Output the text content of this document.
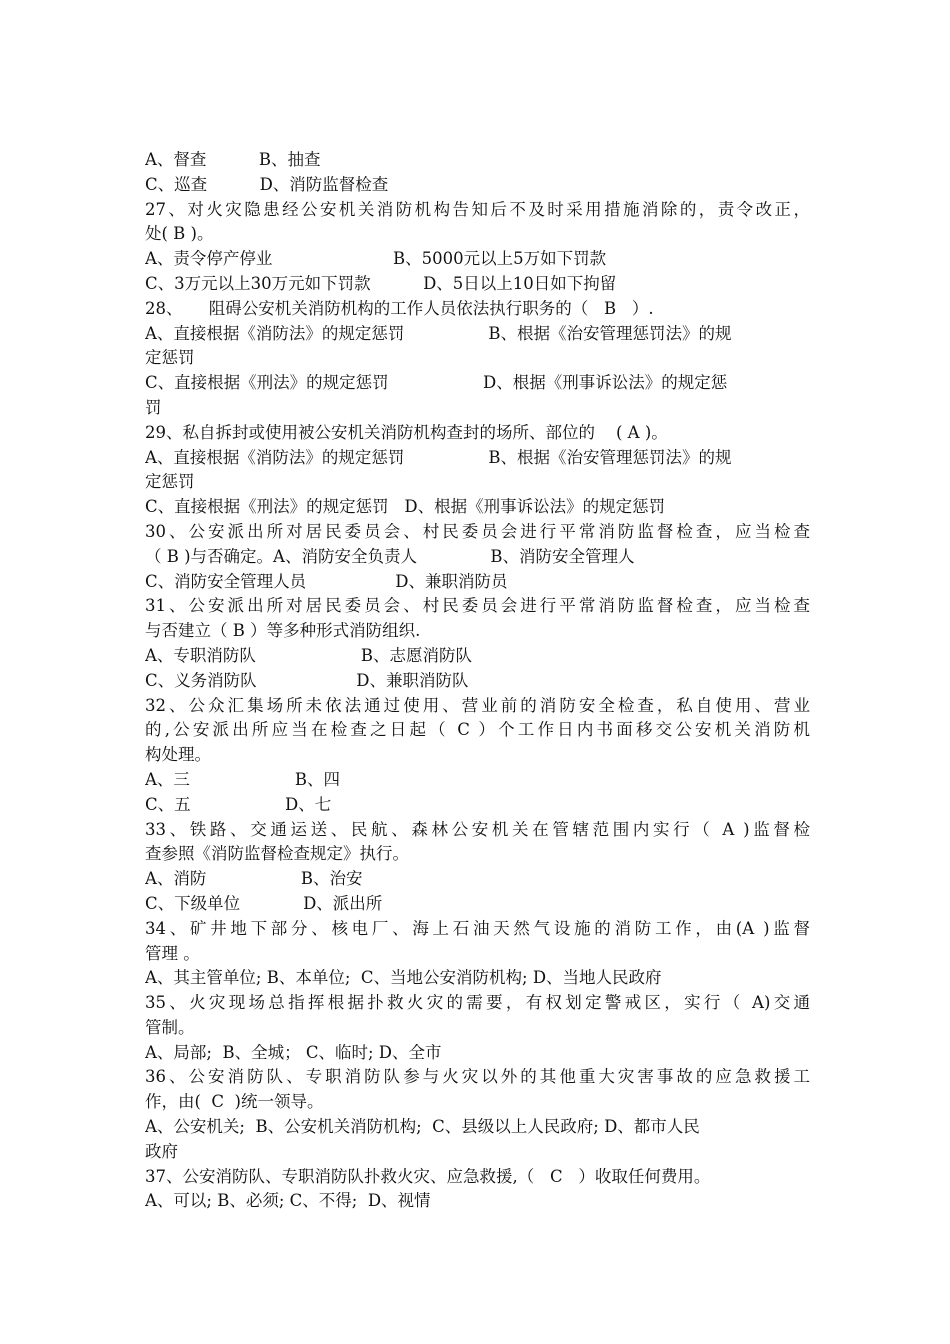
A、督查          B、抽查
C、巡查          D、消防监督检查
27、对火灾隐患经公安机关消防机构告知后不及时采用措施消除的，责令改正，
处( B )。
A、责令停产停业                       B、5000元以上5万如下罚款
C、3万元以上30万元如下罚款          D、5日以上10日如下拘留
28、     阻碍公安机关消防机构的工作人员依法执行职务的（   B   ）.
A、直接根据《消防法》的规定惩罚                B、根据《治安管理惩罚法》的规
定惩罚
C、直接根据《刑法》的规定惩罚                  D、根据《刑事诉讼法》的规定惩
罚
29、私自拆封或使用被公安机关消防机构查封的场所、部位的    ( A )。
A、直接根据《消防法》的规定惩罚                B、根据《治安管理惩罚法》的规
定惩罚
C、直接根据《刑法》的规定惩罚   D、根据《刑事诉讼法》的规定惩罚
30、公安派出所对居民委员会、村民委员会进行平常消防监督检查，应当检查
（ B )与否确定。A、消防安全负责人              B、消防安全管理人
C、消防安全管理人员                 D、兼职消防员
31、公安派出所对居民委员会、村民委员会进行平常消防监督检查，应当检查
与否建立（ B ）等多种形式消防组织.
A、专职消防队                    B、志愿消防队
C、义务消防队                   D、兼职消防队
32、公众汇集场所未依法通过使用、营业前的消防安全检查，私自使用、营业
的,公安派出所应当在检查之日起（ C ）个工作日内书面移交公安机关消防机
构处理。
A、三                    B、四
C、五                  D、七
33、铁路、交通运送、民航、森林公安机关在管辖范围内实行（ A )监督检
查参照《消防监督检查规定》执行。
A、消防                  B、治安
C、下级单位            D、派出所
34、矿井地下部分、核电厂、海上石油天然气设施的消防工作，由(A )监督
管理 。
A、其主管单位; B、本单位;  C、当地公安消防机构; D、当地人民政府
35、火灾现场总指挥根据扑救火灾的需要，有权划定警戒区，实行（ A)交通
管制。
A、局部;  B、全城； C、临时; D、全市
36、公安消防队、专职消防队参与火灾以外的其他重大灾害事故的应急救援工
作，由(  C  )统一领导。
A、公安机关;  B、公安机关消防机构;  C、县级以上人民政府; D、都市人民
政府
37、公安消防队、专职消防队扑救火灾、应急救援,（   C   ）收取任何费用。
A、可以; B、必须; C、不得;  D、视情
